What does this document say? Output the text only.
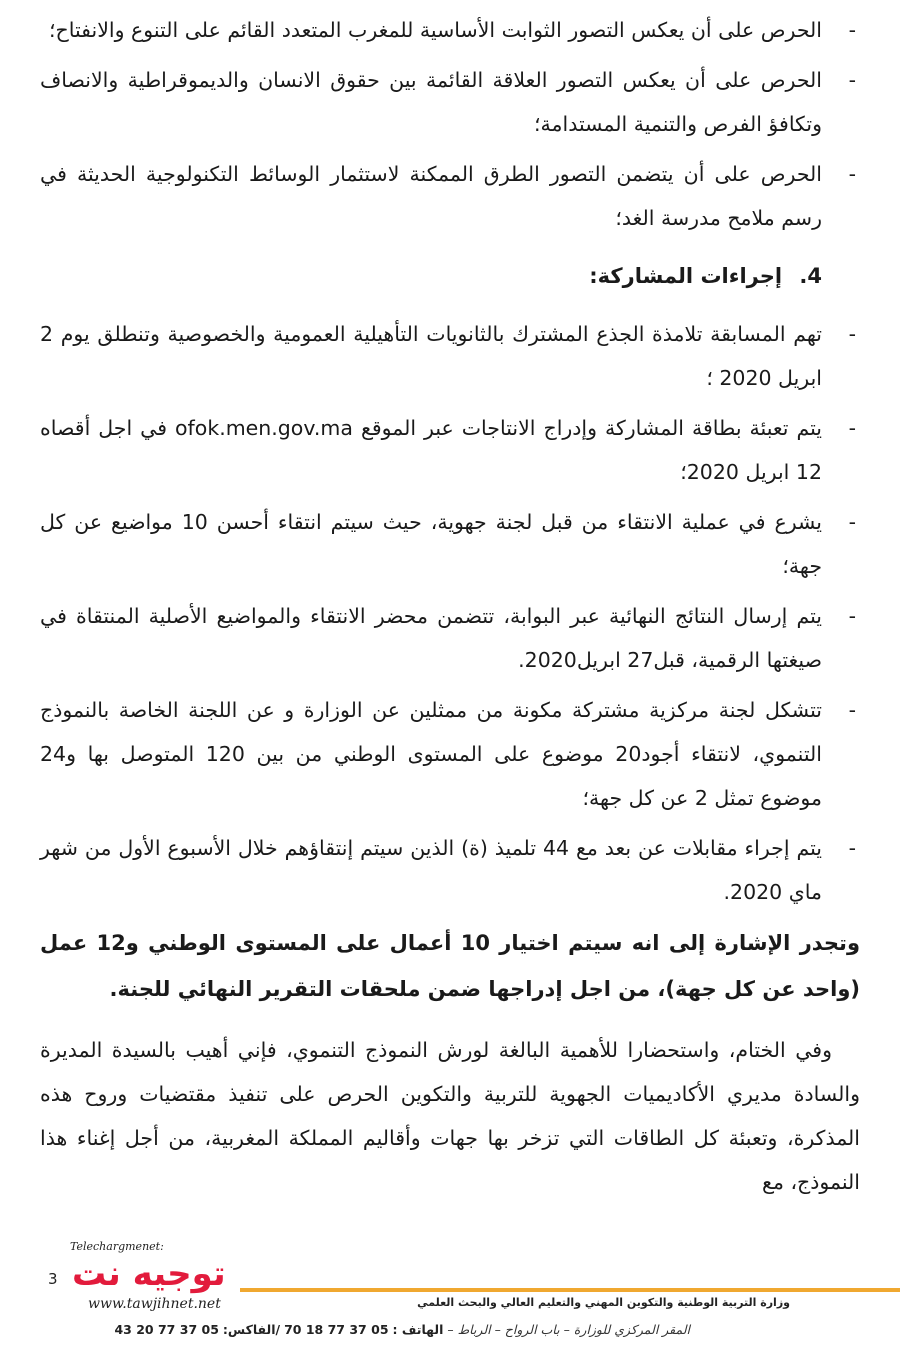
-
الحرص على أن يعكس التصور الثوابت الأساسية للمغرب المتعدد القائم على التنوع والانفتاح؛
-
الحرص على أن يعكس التصور العلاقة القائمة بين حقوق الانسان والديموقراطية والانصاف وتكافؤ الفرص والتنمية المستدامة؛
-
الحرص على أن يتضمن التصور الطرق الممكنة لاستثمار الوسائط التكنولوجية الحديثة في رسم ملامح مدرسة الغد؛
4. إجراءات المشاركة:
-
تهم المسابقة تلامذة الجذع المشترك بالثانويات التأهيلية العمومية والخصوصية وتنطلق يوم 2 ابريل 2020 ؛
-
يتم تعبئة بطاقة المشاركة وإدراج الانتاجات عبر الموقع ofok.men.gov.ma في اجل أقصاه 12 ابريل 2020؛
-
يشرع في عملية الانتقاء من قبل لجنة جهوية، حيث سيتم انتقاء أحسن 10 مواضيع عن كل جهة؛
-
يتم إرسال النتائج النهائية عبر البوابة، تتضمن محضر الانتقاء والمواضيع الأصلية المنتقاة في صيغتها الرقمية، قبل27 ابريل2020.
-
تتشكل لجنة مركزية مشتركة مكونة من ممثلين عن الوزارة و عن اللجنة الخاصة بالنموذج التنموي، لانتقاء أجود20 موضوع على المستوى الوطني من بين 120 المتوصل بها و24 موضوع تمثل 2 عن كل جهة؛
-
يتم إجراء مقابلات عن بعد مع 44 تلميذ (ة) الذين سيتم إنتقاؤهم خلال الأسبوع الأول من شهر ماي 2020.
وتجدر الإشارة إلى انه سيتم اختيار 10 أعمال على المستوى الوطني و12 عمل (واحد عن كل جهة)، من اجل إدراجها ضمن ملحقات التقرير النهائي للجنة.
وفي الختام، واستحضارا للأهمية البالغة لورش النموذج التنموي، فإني أهيب بالسيدة المديرة والسادة مديري الأكاديميات الجهوية للتربية والتكوين الحرص على تنفيذ مقتضيات وروح هذه المذكرة، وتعبئة كل الطاقات التي تزخر بها جهات وأقاليم المملكة المغربية، من أجل إغناء هذا النموذج، مع
Telechargmenet:
توجيه نت
www.tawjihnet.net
3
وزارة التربية الوطنية والتكوين المهني والتعليم العالي والبحث العلمي
المقر المركزي للوزارة – باب الرواح – الرباط – الهاتف : 05 37 77 18 70 /الفاكس: 05 37 77 20 43
